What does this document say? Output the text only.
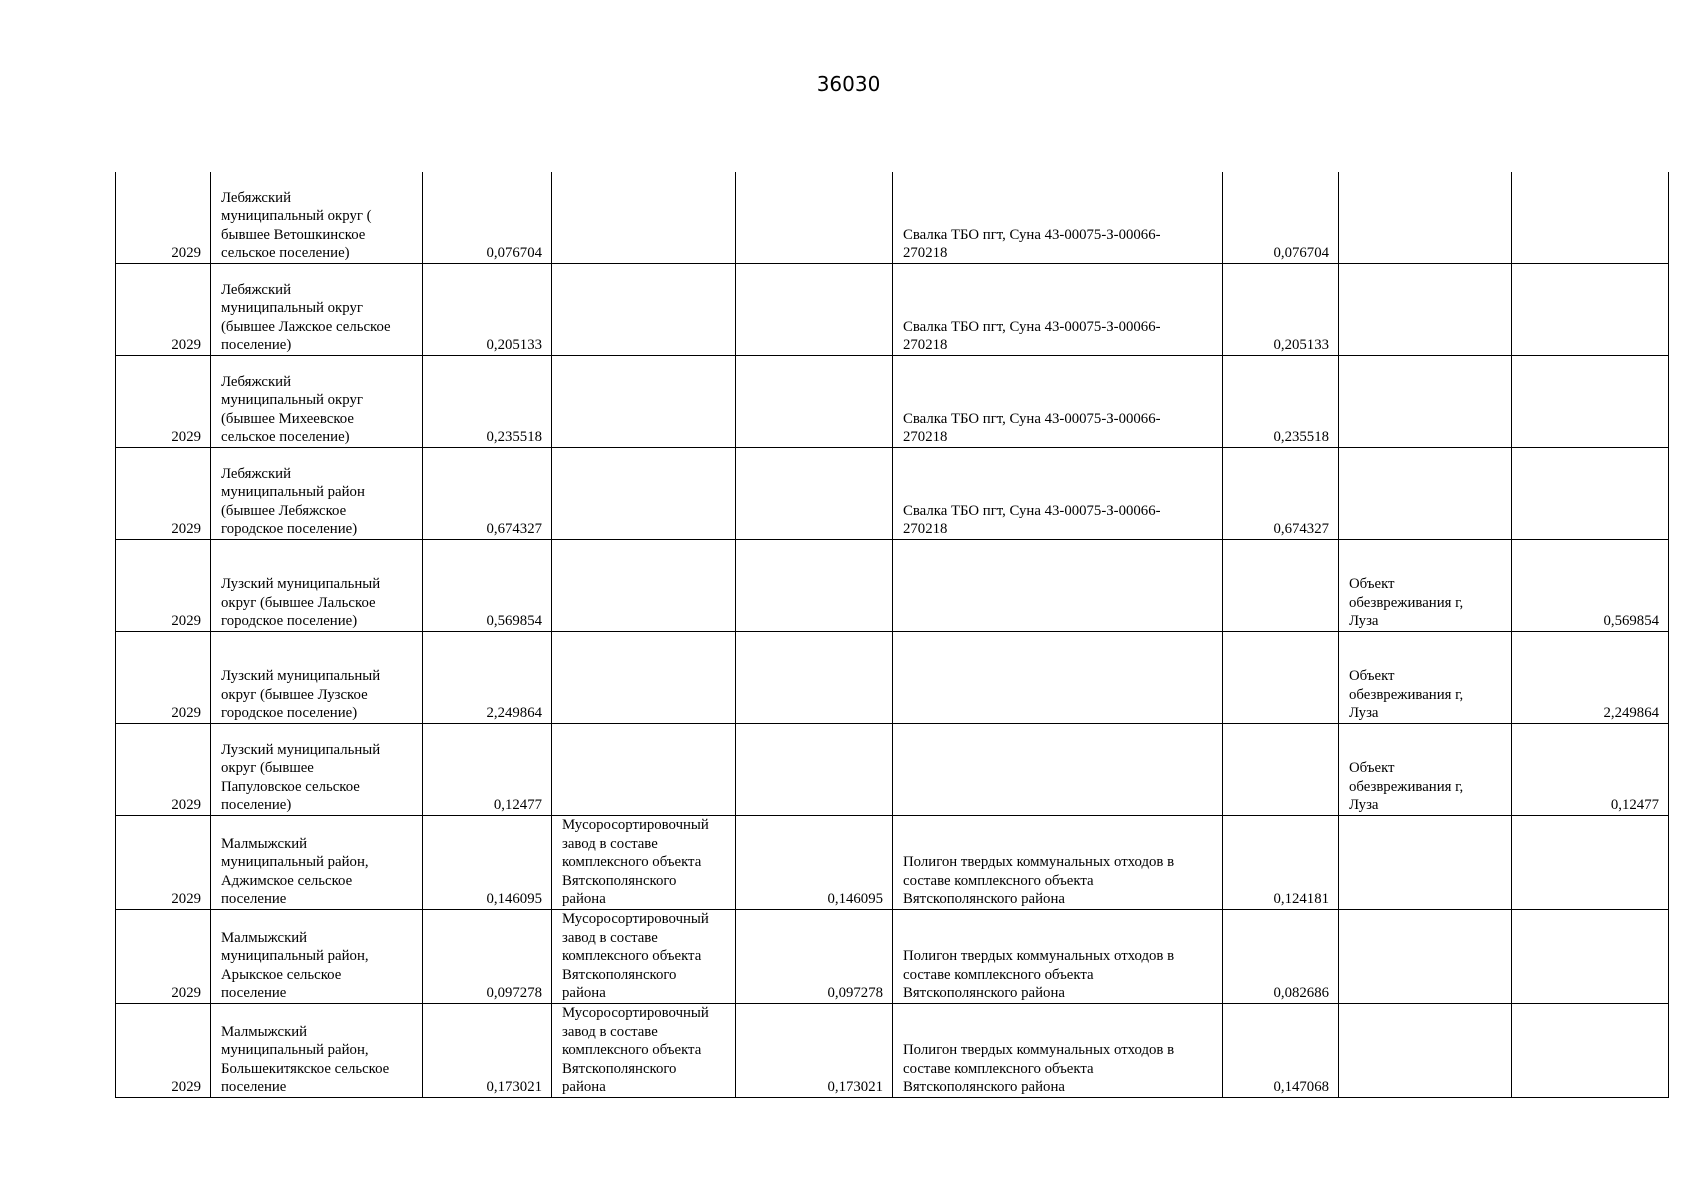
36030
2029	Лебяжский
муниципальный округ (
бывшее Ветошкинское
сельское поселение)	0,076704			Свалка ТБО пгт, Суна 43-00075-З-00066-
270218	0,076704		
2029	Лебяжский
муниципальный округ
(бывшее Лажское сельское
поселение)	0,205133			Свалка ТБО пгт, Суна 43-00075-З-00066-
270218	0,205133		
2029	Лебяжский
муниципальный округ
(бывшее Михеевское
сельское поселение)	0,235518			Свалка ТБО пгт, Суна 43-00075-З-00066-
270218	0,235518		
2029	Лебяжский
муниципальный район
(бывшее Лебяжское
городское поселение)	0,674327			Свалка ТБО пгт, Суна 43-00075-З-00066-
270218	0,674327		
2029	Лузский муниципальный
округ (бывшее Лальское
городское поселение)	0,569854					Объект
обезвреживания г,
Луза	0,569854
2029	Лузский муниципальный
округ (бывшее Лузское
городское поселение)	2,249864					Объект
обезвреживания г,
Луза	2,249864
2029	Лузский муниципальный
округ (бывшее
Папуловское сельское
поселение)	0,12477					Объект
обезвреживания г,
Луза	0,12477
2029	Малмыжский
муниципальный район,
Аджимское сельское
поселение	0,146095	Мусоросортировочный
завод в составе
комплексного объекта
Вятскополянского
района	0,146095	Полигон твердых коммунальных отходов в
составе комплексного объекта
Вятскополянского района	0,124181		
2029	Малмыжский
муниципальный район,
Арыкское сельское
поселение	0,097278	Мусоросортировочный
завод в составе
комплексного объекта
Вятскополянского
района	0,097278	Полигон твердых коммунальных отходов в
составе комплексного объекта
Вятскополянского района	0,082686		
2029	Малмыжский
муниципальный район,
Большекитякское сельское
поселение	0,173021	Мусоросортировочный
завод в составе
комплексного объекта
Вятскополянского
района	0,173021	Полигон твердых коммунальных отходов в
составе комплексного объекта
Вятскополянского района	0,147068		
